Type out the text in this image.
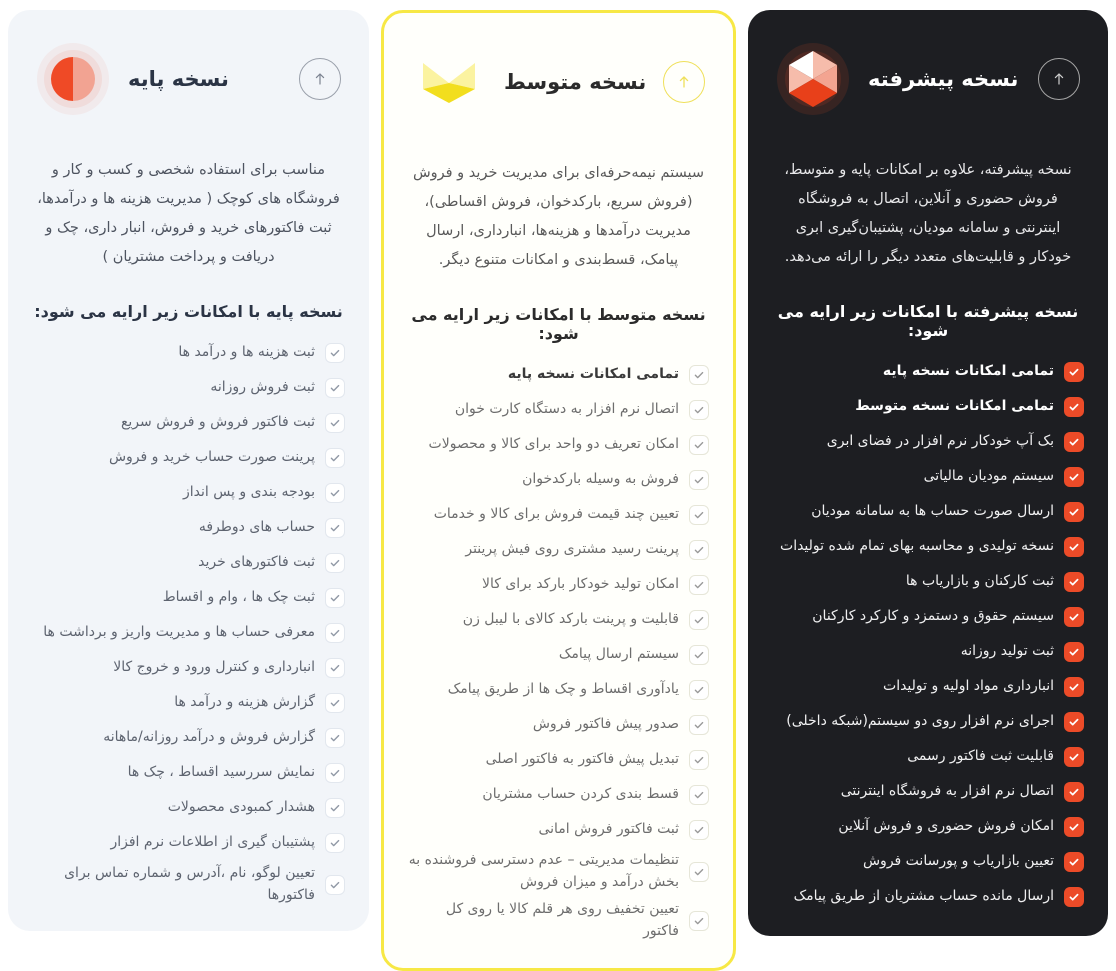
نسخه پیشرفته

نسخه پیشرفته، علاوه بر امکانات پایه و متوسط، فروش حضوری و آنلاین، اتصال به فروشگاه اینترنتی و سامانه مودیان، پشتیبان‌گیری ابری خودکار و قابلیت‌های متعدد دیگر را ارائه می‌دهد.

نسخه پیشرفته با امکانات زیر ارایه می شود:
تمامی امکانات نسخه پایه
تمامی امکانات نسخه متوسط
بک آپ خودکار نرم افزار در فضای ابری
سیستم مودیان مالیاتی
ارسال صورت حساب ها به سامانه مودیان
نسخه تولیدی و محاسبه بهای تمام شده تولیدات
ثبت کارکنان و بازاریاب ها
سیستم حقوق و دستمزد و کارکرد کارکنان
ثبت تولید روزانه
انبارداری مواد اولیه و تولیدات
اجرای نرم افزار روی دو سیستم(شبکه داخلی)
قابلیت ثبت فاکتور رسمی
اتصال نرم افزار به فروشگاه اینترنتی
امکان فروش حضوری و فروش آنلاین
تعیین بازاریاب و پورسانت فروش
ارسال مانده حساب مشتریان از طریق پیامک
نسخه متوسط

سیستم نیمه‌حرفه‌ای برای مدیریت خرید و فروش (فروش سریع، بارکدخوان، فروش اقساطی)، مدیریت درآمدها و هزینه‌ها، انبارداری، ارسال پیامک، قسط‌بندی و امکانات متنوع دیگر.

نسخه متوسط با امکانات زیر ارایه می شود:
تمامی امکانات نسخه پایه
اتصال نرم افزار به دستگاه کارت خوان
امکان تعریف دو واحد برای کالا و محصولات
فروش به وسیله بارکدخوان
تعیین چند قیمت فروش برای کالا و خدمات
پرینت رسید مشتری روی فیش پرینتر
امکان تولید خودکار بارکد برای کالا
قابلیت و پرینت بارکد کالای با لیبل زن
سیستم ارسال پیامک
یادآوری اقساط و چک ها از طریق پیامک
صدور پیش فاکتور فروش
تبدیل پیش فاکتور به فاکتور اصلی
قسط بندی کردن حساب مشتریان
ثبت فاکتور فروش امانی
تنظیمات مدیریتی – عدم دسترسی فروشنده به بخش درآمد و میزان فروش
تعیین تخفیف روی هر قلم کالا یا روی کل فاکتور
نسخه پایه

مناسب برای استفاده شخصی و کسب و کار و فروشگاه های کوچک ( مدیریت هزینه ها و درآمدها، ثبت فاکتورهای خرید و فروش، انبار داری، چک و دریافت و پرداخت مشتریان )

نسخه پایه با امکانات زیر ارایه می شود:
ثبت هزینه ها و درآمد ها
ثبت فروش روزانه
ثبت فاکتور فروش و فروش سریع
پرینت صورت حساب خرید و فروش
بودجه بندی و پس انداز
حساب های دوطرفه
ثبت فاکتورهای خرید
ثبت چک ها ، وام و اقساط
معرفی حساب ها و مدیریت واریز و برداشت ها
انبارداری و کنترل ورود و خروج کالا
گزارش هزینه و درآمد ها
گزارش فروش و درآمد روزانه/ماهانه
نمایش سررسید اقساط ، چک ها
هشدار کمبودی محصولات
پشتیبان گیری از اطلاعات نرم افزار
تعیین لوگو، نام ،آدرس و شماره تماس برای فاکتورها
